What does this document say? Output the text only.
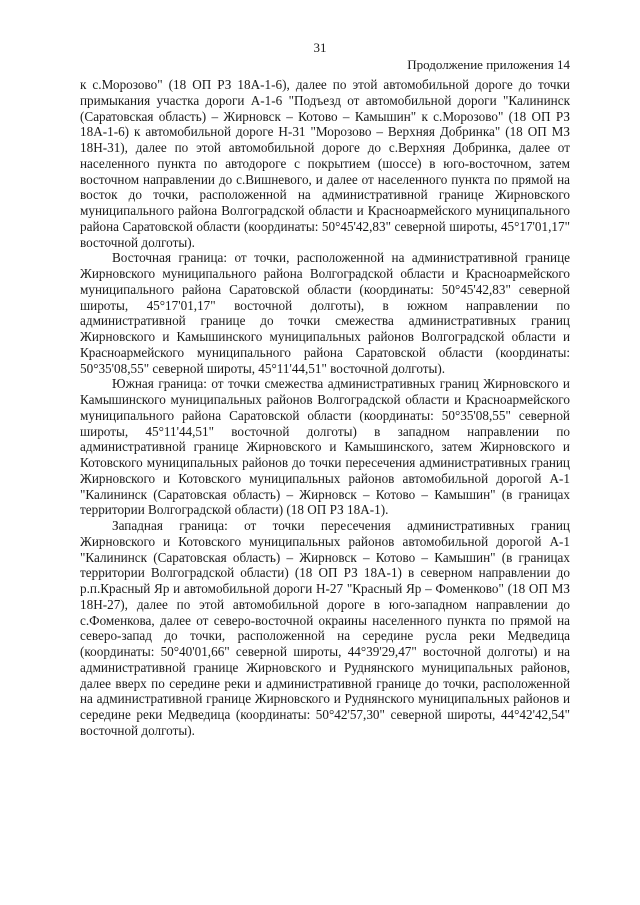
31
Продолжение приложения 14

к с.Морозово" (18 ОП РЗ 18А-1-6), далее по этой автомобильной дороге до точки примыкания участка дороги А-1-6 "Подъезд от автомобильной дороги "Калининск (Саратовская область) – Жирновск – Котово – Камышин" к с.Морозово" (18 ОП РЗ 18А-1-6) к автомобильной дороге Н-31 "Морозово – Верхняя Добринка" (18 ОП МЗ 18Н-31), далее по этой автомобильной дороге до с.Верхняя Добринка, далее от населенного пункта по автодороге с покрытием (шоссе) в юго-восточном, затем восточном направлении до с.Вишневого, и далее от населенного пункта по прямой на восток до точки, расположенной на административной границе Жирновского муниципального района Волгоградской области и Красноармейского муниципального района Саратовской области (координаты: 50°45'42,83" северной широты, 45°17'01,17" восточной долготы).

Восточная граница: от точки, расположенной на административной границе Жирновского муниципального района Волгоградской области и Красноармейского муниципального района Саратовской области (координаты: 50°45'42,83" северной широты, 45°17'01,17" восточной долготы), в южном направлении по административной границе до точки смежества административных границ Жирновского и Камышинского муниципальных районов Волгоградской области и Красноармейского муниципального района Саратовской области (координаты: 50°35'08,55" северной широты, 45°11'44,51" восточной долготы).

Южная граница: от точки смежества административных границ Жирновского и Камышинского муниципальных районов Волгоградской области и Красноармейского муниципального района Саратовской области (координаты: 50°35'08,55" северной широты, 45°11'44,51" восточной долготы) в западном направлении по административной границе Жирновского и Камышинского, затем Жирновского и Котовского муниципальных районов до точки пересечения административных границ Жирновского и Котовского муниципальных районов автомобильной дорогой А-1 "Калининск (Саратовская область) – Жирновск – Котово – Камышин" (в границах территории Волгоградской области) (18 ОП РЗ 18А-1).

Западная граница: от точки пересечения административных границ Жирновского и Котовского муниципальных районов автомобильной дорогой А-1 "Калининск (Саратовская область) – Жирновск – Котово – Камышин" (в границах территории Волгоградской области) (18 ОП РЗ 18А-1) в северном направлении до р.п.Красный Яр и автомобильной дороги Н-27 "Красный Яр – Фоменково" (18 ОП МЗ 18Н-27), далее по этой автомобильной дороге в юго-западном направлении до с.Фоменкова, далее от северо-восточной окраины населенного пункта по прямой на северо-запад до точки, расположенной на середине русла реки Медведица (координаты: 50°40'01,66" северной широты, 44°39'29,47" восточной долготы) и на административной границе Жирновского и Руднянского муниципальных районов, далее вверх по середине реки и административной границе до точки, расположенной на административной границе Жирновского и Руднянского муниципальных районов и середине реки Медведица (координаты: 50°42'57,30" северной широты, 44°42'42,54" восточной долготы).
